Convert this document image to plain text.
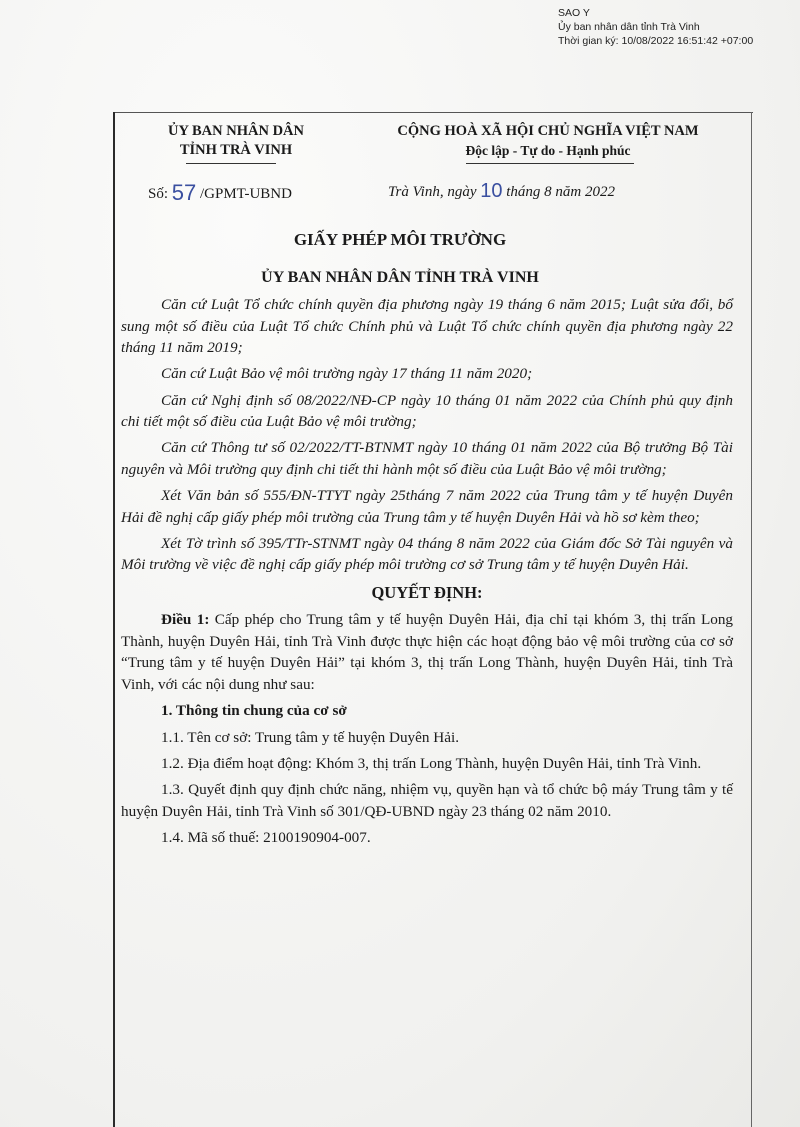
SAO Y
Ủy ban nhân dân tỉnh Trà Vinh
Thời gian ký: 10/08/2022 16:51:42 +07:00
ỦY BAN NHÂN DÂN
TỈNH TRÀ VINH
CỘNG HOÀ XÃ HỘI CHỦ NGHĨA VIỆT NAM
Độc lập - Tự do - Hạnh phúc
Số: 57 /GPMT-UBND	Trà Vinh, ngày 10 tháng 8 năm 2022
GIẤY PHÉP MÔI TRƯỜNG
ỦY BAN NHÂN DÂN TỈNH TRÀ VINH

Căn cứ Luật Tổ chức chính quyền địa phương ngày 19 tháng 6 năm 2015; Luật sửa đổi, bổ sung một số điều của Luật Tổ chức Chính phủ và Luật Tổ chức chính quyền địa phương ngày 22 tháng 11 năm 2019;

Căn cứ Luật Bảo vệ môi trường ngày 17 tháng 11 năm 2020;

Căn cứ Nghị định số 08/2022/NĐ-CP ngày 10 tháng 01 năm 2022 của Chính phủ quy định chi tiết một số điều của Luật Bảo vệ môi trường;

Căn cứ Thông tư số 02/2022/TT-BTNMT ngày 10 tháng 01 năm 2022 của Bộ trưởng Bộ Tài nguyên và Môi trường quy định chi tiết thi hành một số điều của Luật Bảo vệ môi trường;

Xét Văn bản số 555/ĐN-TTYT ngày 25tháng 7 năm 2022 của Trung tâm y tế huyện Duyên Hải đề nghị cấp giấy phép môi trường của Trung tâm y tế huyện Duyên Hải và hồ sơ kèm theo;

Xét Tờ trình số 395/TTr-STNMT ngày 04 tháng 8 năm 2022 của Giám đốc Sở Tài nguyên và Môi trường về việc đề nghị cấp giấy phép môi trường cơ sở Trung tâm y tế huyện Duyên Hải.

QUYẾT ĐỊNH:

Điều 1: Cấp phép cho Trung tâm y tế huyện Duyên Hải, địa chỉ tại khóm 3, thị trấn Long Thành, huyện Duyên Hải, tỉnh Trà Vinh được thực hiện các hoạt động bảo vệ môi trường của cơ sở “Trung tâm y tế huyện Duyên Hải” tại khóm 3, thị trấn Long Thành, huyện Duyên Hải, tỉnh Trà Vinh, với các nội dung như sau:

1. Thông tin chung của cơ sở

1.1. Tên cơ sở: Trung tâm y tế huyện Duyên Hải.

1.2. Địa điểm hoạt động: Khóm 3, thị trấn Long Thành, huyện Duyên Hải, tỉnh Trà Vinh.

1.3. Quyết định quy định chức năng, nhiệm vụ, quyền hạn và tổ chức bộ máy Trung tâm y tế huyện Duyên Hải, tỉnh Trà Vinh số 301/QĐ-UBND ngày 23 tháng 02 năm 2010.

1.4. Mã số thuế: 2100190904-007.
